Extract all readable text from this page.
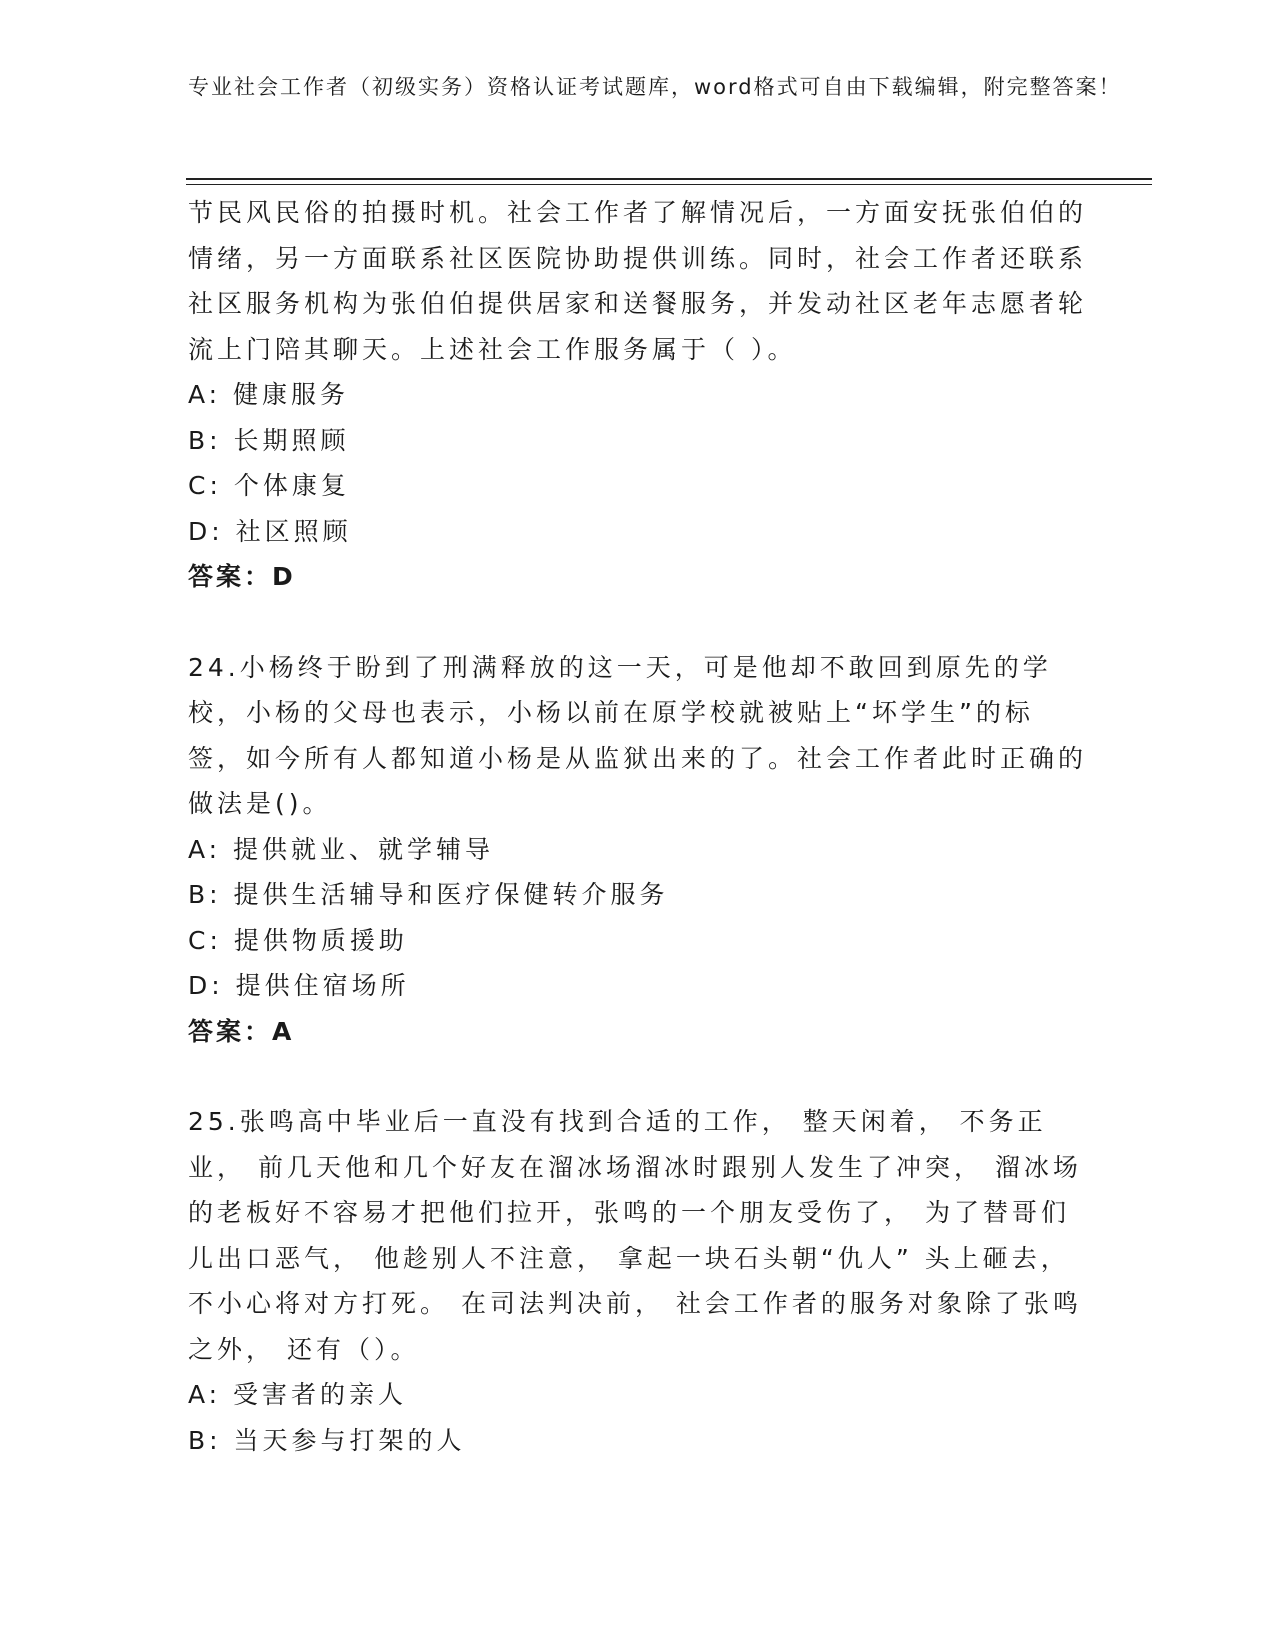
专业社会工作者（初级实务）资格认证考试题库，word格式可自由下载编辑，附完整答案！

节民风民俗的拍摄时机。社会工作者了解情况后，一方面安抚张伯伯的情绪，另一方面联系社区医院协助提供训练。同时，社会工作者还联系社区服务机构为张伯伯提供居家和送餐服务，并发动社区老年志愿者轮流上门陪其聊天。上述社会工作服务属于（ ）。

A: 健康服务

B: 长期照顾

C: 个体康复

D: 社区照顾

答案：D

24.小杨终于盼到了刑满释放的这一天，可是他却不敢回到原先的学校，小杨的父母也表示，小杨以前在原学校就被贴上“坏学生”的标签，如今所有人都知道小杨是从监狱出来的了。社会工作者此时正确的做法是()。

A: 提供就业、就学辅导

B: 提供生活辅导和医疗保健转介服务

C: 提供物质援助

D: 提供住宿场所

答案：A

25.张鸣高中毕业后一直没有找到合适的工作， 整天闲着， 不务正业， 前几天他和几个好友在溜冰场溜冰时跟别人发生了冲突， 溜冰场的老板好不容易才把他们拉开，张鸣的一个朋友受伤了， 为了替哥们儿出口恶气， 他趁别人不注意， 拿起一块石头朝“仇人” 头上砸去， 不小心将对方打死。 在司法判决前， 社会工作者的服务对象除了张鸣之外， 还有（）。

A: 受害者的亲人

B: 当天参与打架的人
